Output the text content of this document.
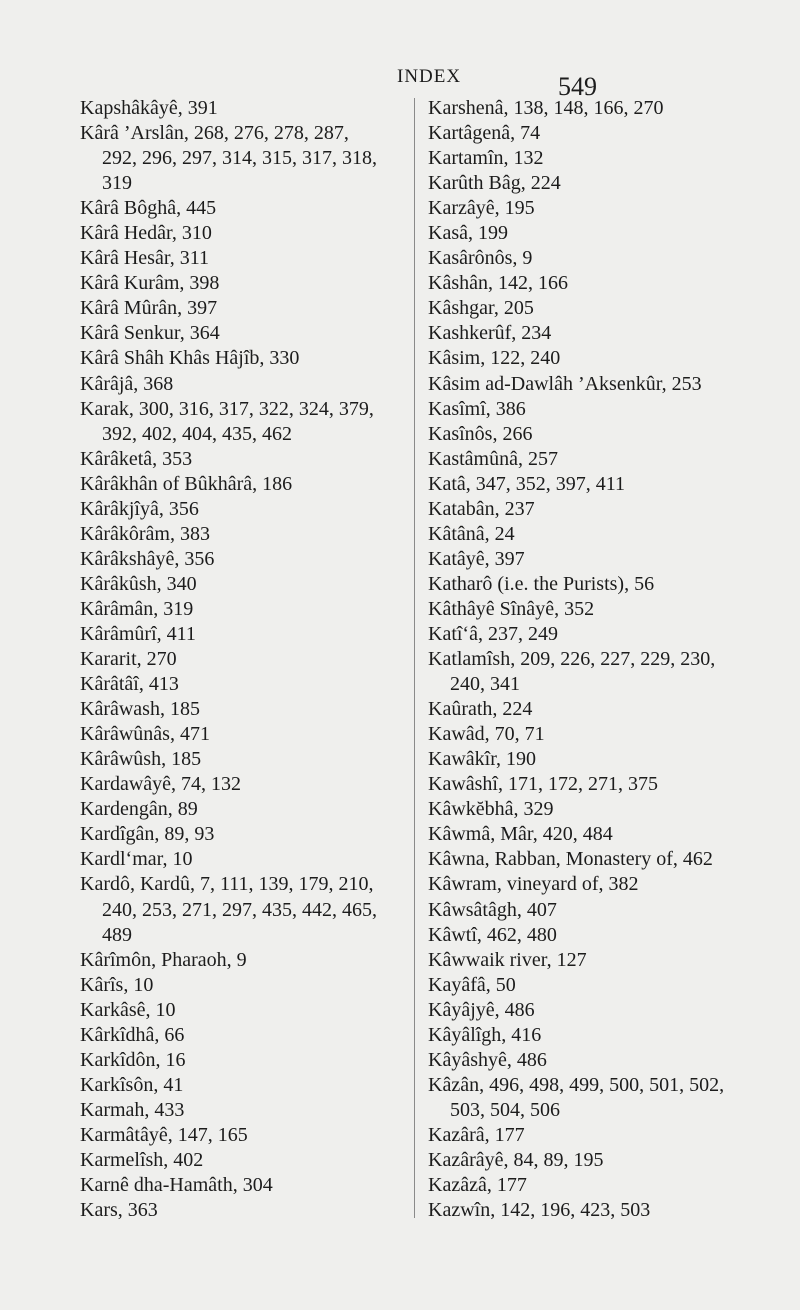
INDEX	549
Kapshâkâyê, 391
Kârâ ’Arslân, 268, 276, 278, 287,
292, 296, 297, 314, 315, 317, 318,
319
Kârâ Bôghâ, 445
Kârâ Hedâr, 310
Kârâ Hesâr, 311
Kârâ Kurâm, 398
Kârâ Mûrân, 397
Kârâ Senkur, 364
Kârâ Shâh Khâs Hâjîb, 330
Kârâjâ, 368
Karak, 300, 316, 317, 322, 324, 379,
392, 402, 404, 435, 462
Kârâketâ, 353
Kârâkhân of Bûkhârâ, 186
Kârâkjîyâ, 356
Kârâkôrâm, 383
Kârâkshâyê, 356
Kârâkûsh, 340
Kârâmân, 319
Kârâmûrî, 411
Kararit, 270
Kârâtâî, 413
Kârâwash, 185
Kârâwûnâs, 471
Kârâwûsh, 185
Kardawâyê, 74, 132
Kardengân, 89
Kardîgân, 89, 93
Kardl‘mar, 10
Kardô, Kardû, 7, 111, 139, 179, 210,
240, 253, 271, 297, 435, 442, 465,
489
Kârîmôn, Pharaoh, 9
Kârîs, 10
Karkâsê, 10
Kârkîdhâ, 66
Karkîdôn, 16
Karkîsôn, 41
Karmah, 433
Karmâtâyê, 147, 165
Karmelîsh, 402
Karnê dha-Hamâth, 304
Kars, 363
Karshenâ, 138, 148, 166, 270
Kartâgenâ, 74
Kartamîn, 132
Karûth Bâg, 224
Karzâyê, 195
Kasâ, 199
Kasârônôs, 9
Kâshân, 142, 166
Kâshgar, 205
Kashkerûf, 234
Kâsim, 122, 240
Kâsim ad-Dawlâh ’Aksenkûr, 253
Kasîmî, 386
Kasînôs, 266
Kastâmûnâ, 257
Katâ, 347, 352, 397, 411
Katabân, 237
Kâtânâ, 24
Katâyê, 397
Katharô (i.e. the Purists), 56
Kâthâyê Sînâyê, 352
Katî‘â, 237, 249
Katlamîsh, 209, 226, 227, 229, 230,
240, 341
Kaûrath, 224
Kawâd, 70, 71
Kawâkîr, 190
Kawâshî, 171, 172, 271, 375
Kâwkĕbhâ, 329
Kâwmâ, Mâr, 420, 484
Kâwna, Rabban, Monastery of, 462
Kâwram, vineyard of, 382
Kâwsâtâgh, 407
Kâwtî, 462, 480
Kâwwaik river, 127
Kayâfâ, 50
Kâyâjyê, 486
Kâyâlîgh, 416
Kâyâshyê, 486
Kâzân, 496, 498, 499, 500, 501, 502,
503, 504, 506
Kazârâ, 177
Kazârâyê, 84, 89, 195
Kazâzâ, 177
Kazwîn, 142, 196, 423, 503
